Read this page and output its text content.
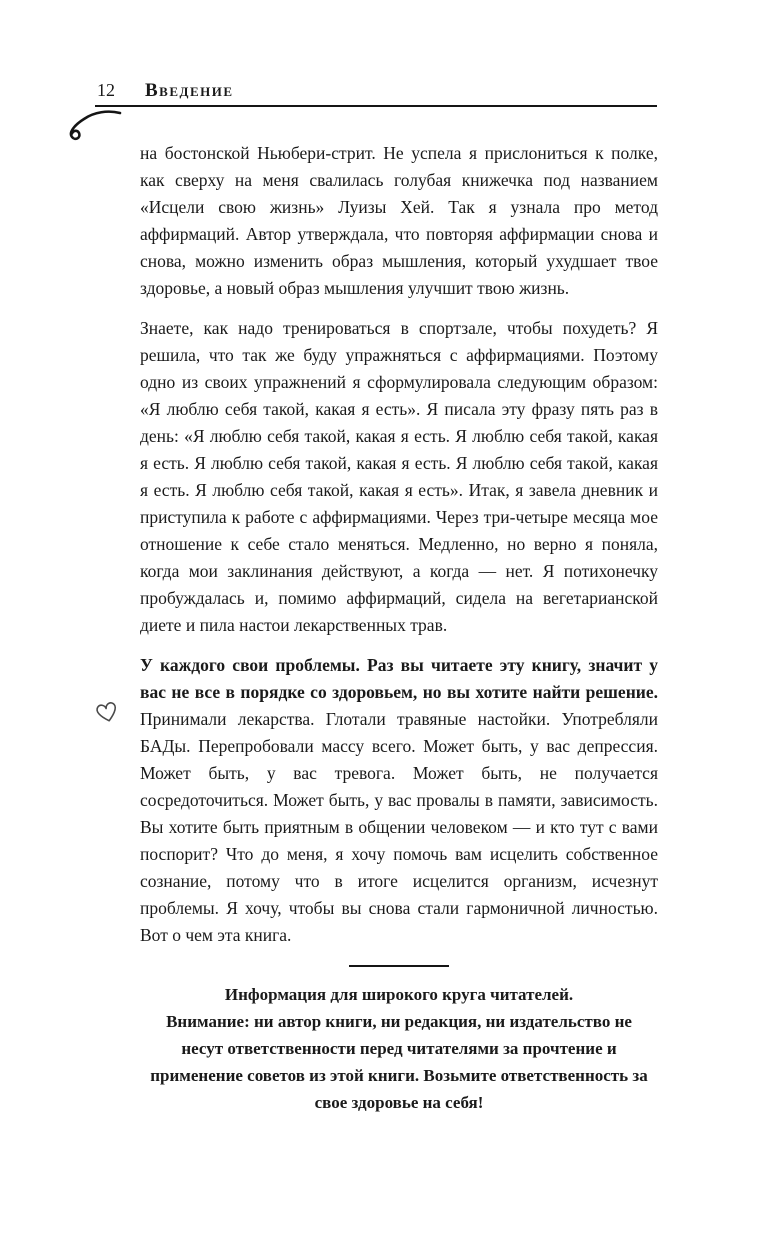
12 Введение

на бостонской Ньюбери-стрит. Не успела я прислониться к полке, как сверху на меня свалилась голубая книжечка под названием «Исцели свою жизнь» Луизы Хей. Так я узнала про метод аффирмаций. Автор утверждала, что повторяя аффирмации снова и снова, можно изменить образ мышления, который ухудшает твое здоровье, а новый образ мышления улучшит твою жизнь.

Знаете, как надо тренироваться в спортзале, чтобы похудеть? Я решила, что так же буду упражняться с аффирмациями. Поэтому одно из своих упражнений я сформулировала следующим образом: «Я люблю себя такой, какая я есть». Я писала эту фразу пять раз в день: «Я люблю себя такой, какая я есть. Я люблю себя такой, какая я есть. Я люблю себя такой, какая я есть. Я люблю себя такой, какая я есть. Я люблю себя такой, какая я есть». Итак, я завела дневник и приступила к работе с аффирмациями. Через три-четыре месяца мое отношение к себе стало меняться. Медленно, но верно я поняла, когда мои заклинания действуют, а когда — нет. Я потихонечку пробуждалась и, помимо аффирмаций, сидела на вегетарианской диете и пила настои лекарственных трав.

У каждого свои проблемы. Раз вы читаете эту книгу, значит у вас не все в порядке со здоровьем, но вы хотите найти решение. Принимали лекарства. Глотали травяные настойки. Употребляли БАДы. Перепробовали массу всего. Может быть, у вас депрессия. Может быть, у вас тревога. Может быть, не получается сосредоточиться. Может быть, у вас провалы в памяти, зависимость. Вы хотите быть приятным в общении человеком — и кто тут с вами поспорит? Что до меня, я хочу помочь вам исцелить собственное сознание, потому что в итоге исцелится организм, исчезнут проблемы. Я хочу, чтобы вы снова стали гармоничной личностью. Вот о чем эта книга.

Информация для широкого круга читателей.

Внимание: ни автор книги, ни редакция, ни издательство не несут ответственности перед читателями за прочтение и применение советов из этой книги. Возьмите ответственность за свое здоровье на себя!
